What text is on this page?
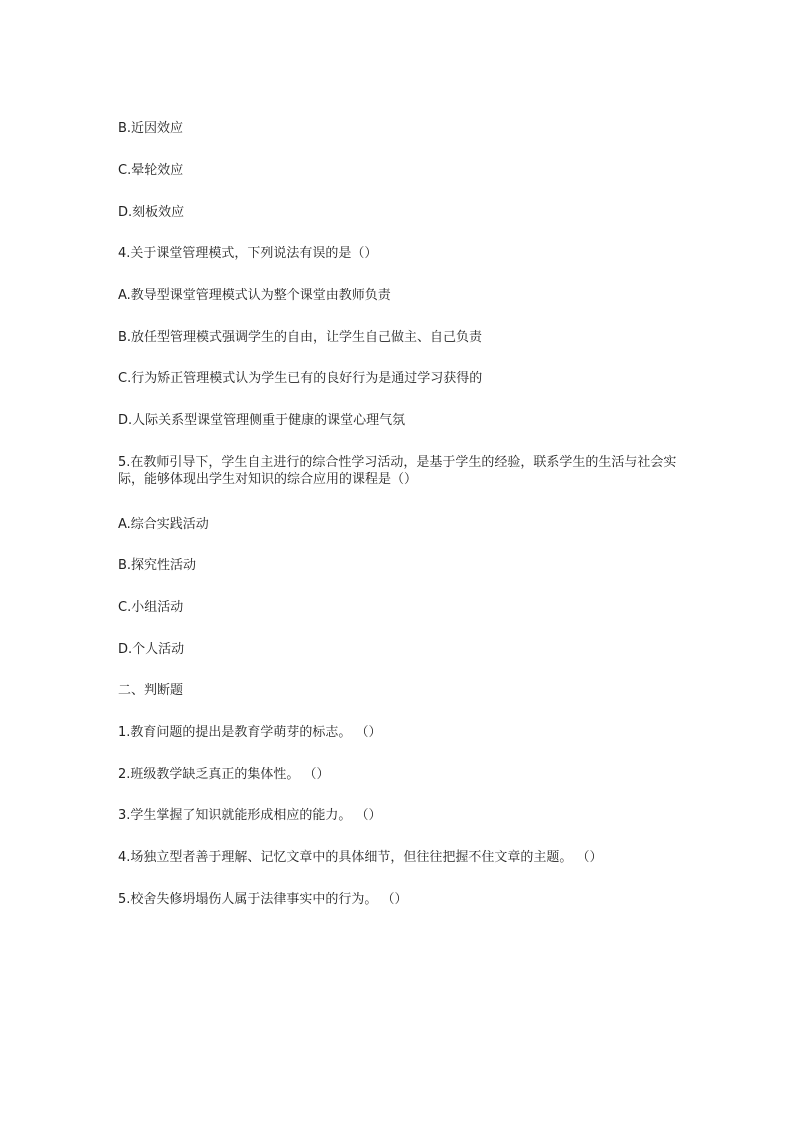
B.近因效应
C.晕轮效应
D.刻板效应
4.关于课堂管理模式，下列说法有误的是（）
A.教导型课堂管理模式认为整个课堂由教师负责
B.放任型管理模式强调学生的自由，让学生自己做主、自己负责
C.行为矫正管理模式认为学生已有的良好行为是通过学习获得的
D.人际关系型课堂管理侧重于健康的课堂心理气氛
5.在教师引导下，学生自主进行的综合性学习活动，是基于学生的经验，联系学生的生活与社会实际，能够体现出学生对知识的综合应用的课程是（）
A.综合实践活动
B.探究性活动
C.小组活动
D.个人活动
二、判断题
1.教育问题的提出是教育学萌芽的标志。 （）
2.班级教学缺乏真正的集体性。 （）
3.学生掌握了知识就能形成相应的能力。 （）
4.场独立型者善于理解、记忆文章中的具体细节，但往往把握不住文章的主题。 （）
5.校舍失修坍塌伤人属于法律事实中的行为。 （）
